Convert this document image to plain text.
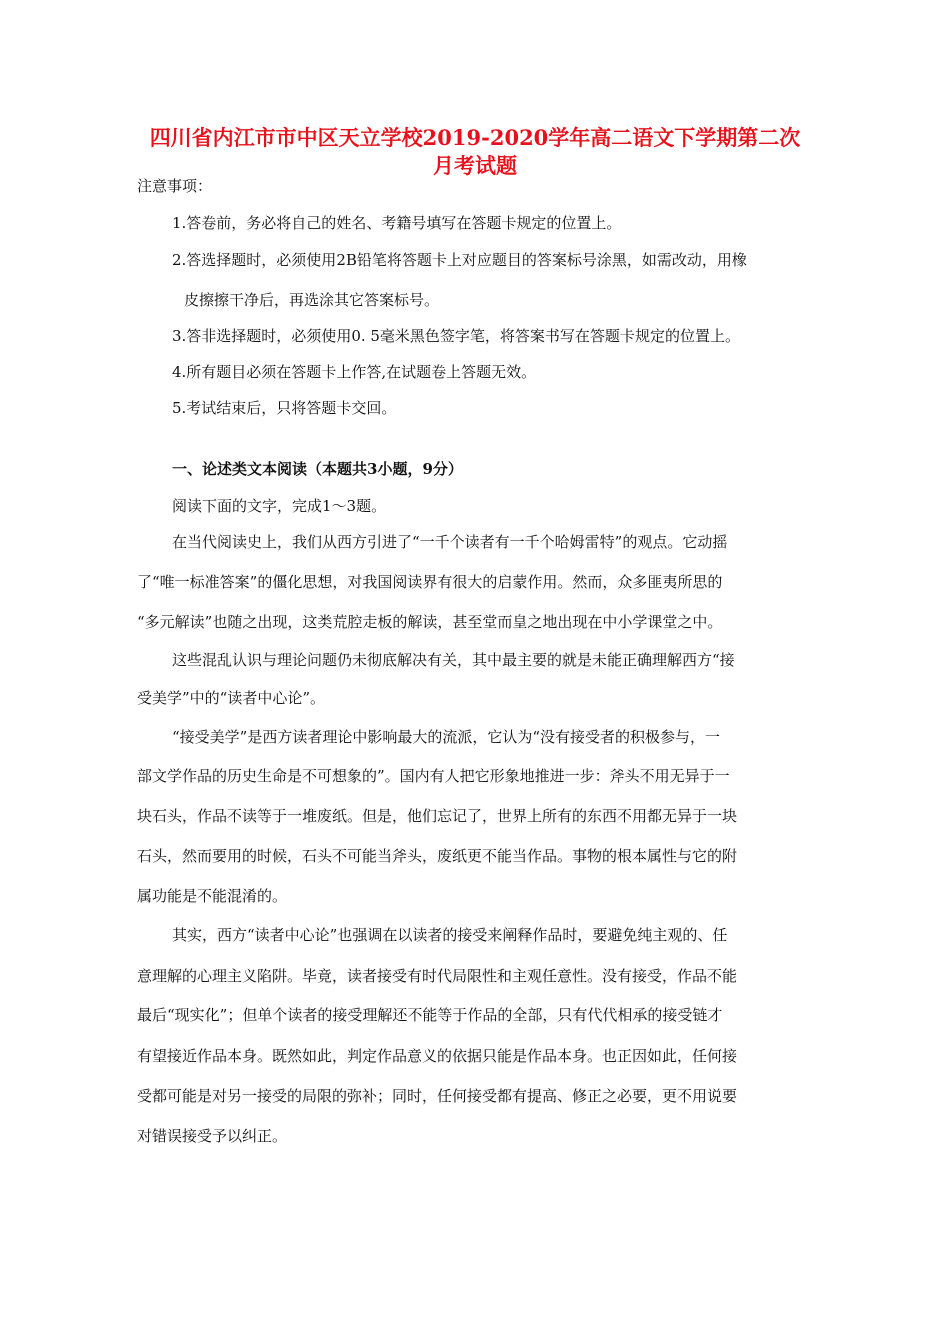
四川省内江市市中区天立学校2019-2020学年高二语文下学期第二次
月考试题
注意事项：
1.答卷前，务必将自己的姓名、考籍号填写在答题卡规定的位置上。
2.答选择题时，必须使用2B铅笔将答题卡上对应题目的答案标号涂黑，如需改动，用橡
皮擦擦干净后，再选涂其它答案标号。
3.答非选择题时，必须使用0. 5毫米黑色签字笔，将答案书写在答题卡规定的位置上。
4.所有题目必须在答题卡上作答,在试题卷上答题无效。
5.考试结束后，只将答题卡交回。
一、论述类文本阅读（本题共3小题，9分）
阅读下面的文字，完成1～3题。
在当代阅读史上，我们从西方引进了“一千个读者有一千个哈姆雷特”的观点。它动摇
了“唯一标准答案”的僵化思想，对我国阅读界有很大的启蒙作用。然而，众多匪夷所思的
“多元解读”也随之出现，这类荒腔走板的解读，甚至堂而皇之地出现在中小学课堂之中。
这些混乱认识与理论问题仍未彻底解决有关，其中最主要的就是未能正确理解西方“接
受美学”中的“读者中心论”。
“接受美学”是西方读者理论中影响最大的流派，它认为“没有接受者的积极参与，一
部文学作品的历史生命是不可想象的”。国内有人把它形象地推进一步：斧头不用无异于一
块石头，作品不读等于一堆废纸。但是，他们忘记了，世界上所有的东西不用都无异于一块
石头，然而要用的时候，石头不可能当斧头，废纸更不能当作品。事物的根本属性与它的附
属功能是不能混淆的。
其实，西方“读者中心论”也强调在以读者的接受来阐释作品时，要避免纯主观的、任
意理解的心理主义陷阱。毕竟，读者接受有时代局限性和主观任意性。没有接受，作品不能
最后“现实化”；但单个读者的接受理解还不能等于作品的全部，只有代代相承的接受链才
有望接近作品本身。既然如此，判定作品意义的依据只能是作品本身。也正因如此，任何接
受都可能是对另一接受的局限的弥补；同时，任何接受都有提高、修正之必要，更不用说要
对错误接受予以纠正。
